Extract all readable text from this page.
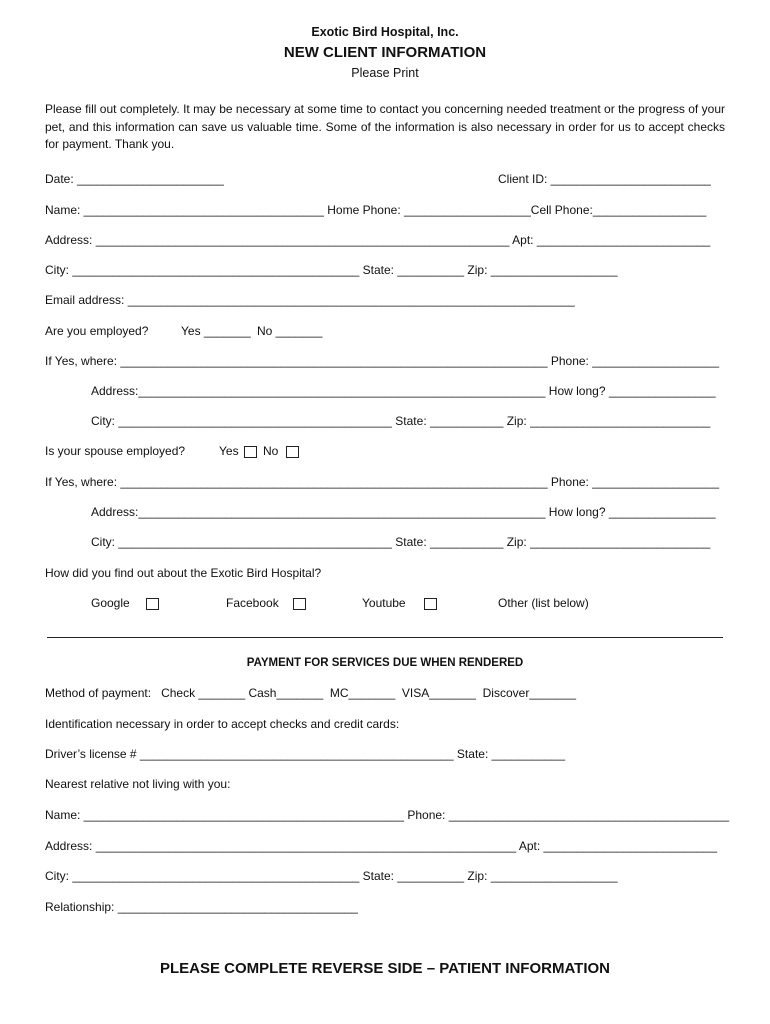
Exotic Bird Hospital, Inc.
NEW CLIENT INFORMATION
Please Print
Please fill out completely. It may be necessary at some time to contact you concerning needed treatment or the progress of your pet, and this information can save us valuable time. Some of the information is also necessary in order for us to accept checks for payment. Thank you.
Date: ______________________	Client ID: ________________________
Name: ____________________________________ Home Phone: ___________________Cell Phone:_________________
Address: ______________________________________________________________ Apt: __________________________
City: ___________________________________________ State: __________ Zip: ___________________
Email address: ___________________________________________________________________
Are you employed?	Yes _______ No _______
If Yes, where: ________________________________________________________________ Phone: ___________________
Address:_____________________________________________________________ How long? ________________
City: _________________________________________ State: ___________ Zip: ___________________________
Is your spouse employed?	Yes No
If Yes, where: ________________________________________________________________ Phone: ___________________
Address:_____________________________________________________________ How long? ________________
City: _________________________________________ State: ___________ Zip: ___________________________
How did you find out about the Exotic Bird Hospital?
Google	Facebook	Youtube	Other (list below)
PAYMENT FOR SERVICES DUE WHEN RENDERED
Method of payment:   Check _______ Cash_______  MC_______  VISA_______  Discover_______
Identification necessary in order to accept checks and credit cards:
Driver’s license # _______________________________________________ State: ___________
Nearest relative not living with you:
Name: ________________________________________________ Phone: __________________________________________
Address: _______________________________________________________________ Apt: __________________________
City: ___________________________________________ State: __________ Zip: ___________________
Relationship: ____________________________________
PLEASE COMPLETE REVERSE SIDE – PATIENT INFORMATION
